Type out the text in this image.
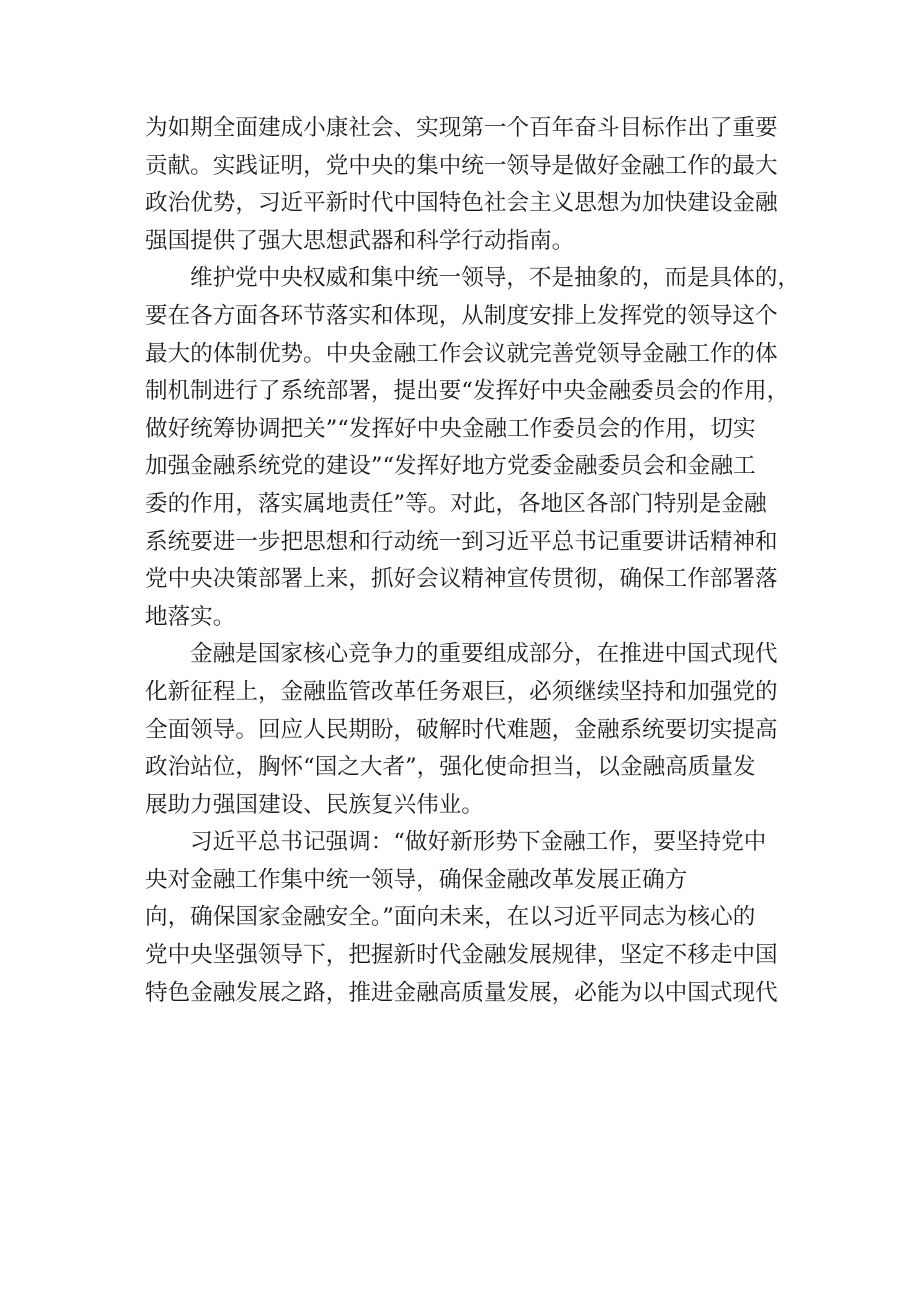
为如期全面建成小康社会、实现第一个百年奋斗目标作出了重要
贡献。实践证明，党中央的集中统一领导是做好金融工作的最大
政治优势，习近平新时代中国特色社会主义思想为加快建设金融
强国提供了强大思想武器和科学行动指南。
维护党中央权威和集中统一领导，不是抽象的，而是具体的，
要在各方面各环节落实和体现，从制度安排上发挥党的领导这个
最大的体制优势。中央金融工作会议就完善党领导金融工作的体
制机制进行了系统部署，提出要“发挥好中央金融委员会的作用，
做好统筹协调把关”“发挥好中央金融工作委员会的作用，切实
加强金融系统党的建设”“发挥好地方党委金融委员会和金融工
委的作用，落实属地责任”等。对此，各地区各部门特别是金融
系统要进一步把思想和行动统一到习近平总书记重要讲话精神和
党中央决策部署上来，抓好会议精神宣传贯彻，确保工作部署落
地落实。
金融是国家核心竞争力的重要组成部分，在推进中国式现代
化新征程上，金融监管改革任务艰巨，必须继续坚持和加强党的
全面领导。回应人民期盼，破解时代难题，金融系统要切实提高
政治站位，胸怀“国之大者”，强化使命担当，以金融高质量发
展助力强国建设、民族复兴伟业。
习近平总书记强调：“做好新形势下金融工作，要坚持党中
央对金融工作集中统一领导，确保金融改革发展正确方
向，确保国家金融安全。”面向未来，在以习近平同志为核心的
党中央坚强领导下，把握新时代金融发展规律，坚定不移走中国
特色金融发展之路，推进金融高质量发展，必能为以中国式现代
